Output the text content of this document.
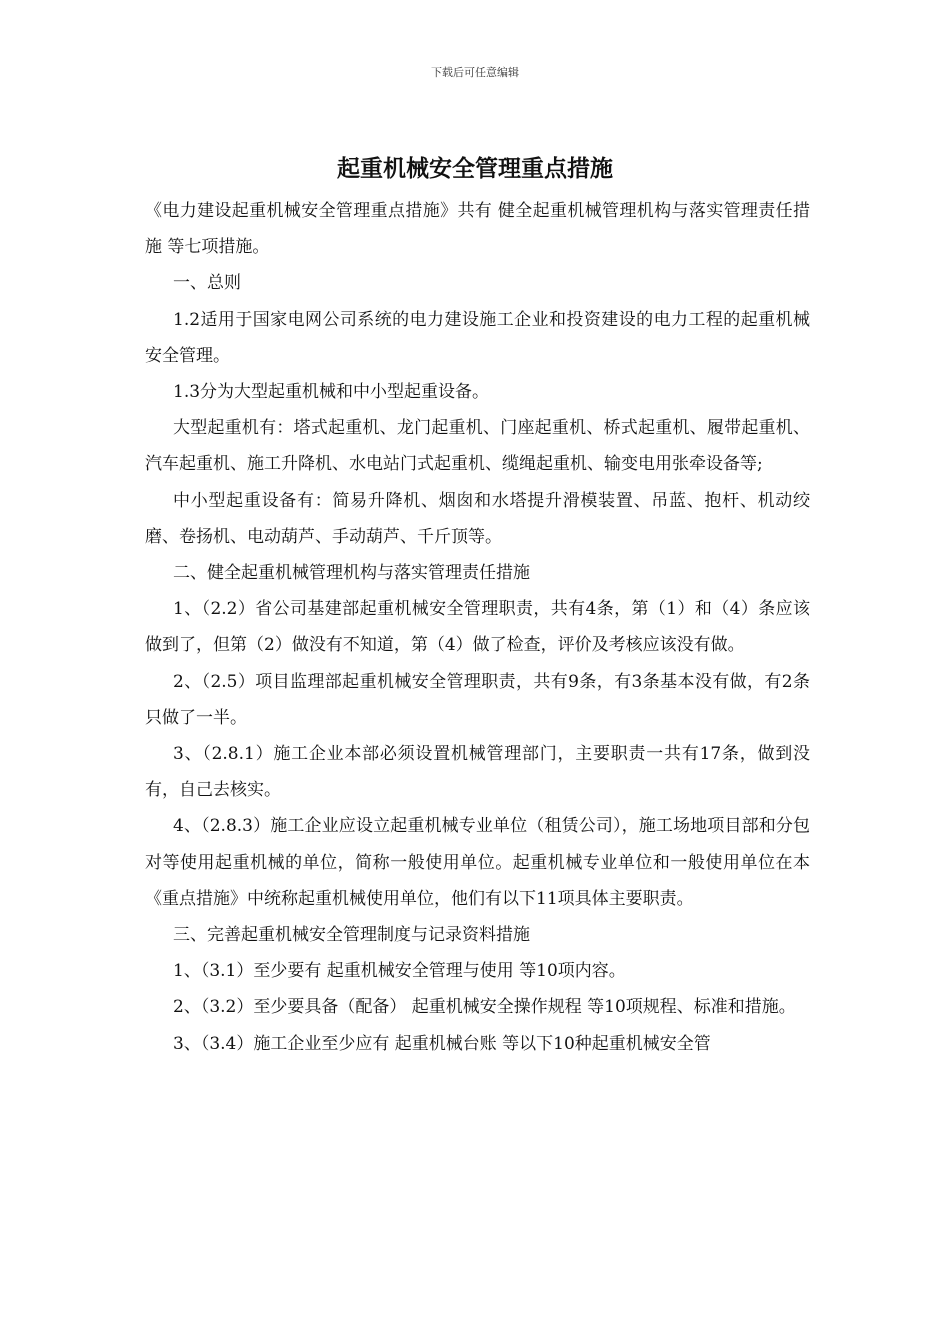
下载后可任意编辑
起重机械安全管理重点措施

《电力建设起重机械安全管理重点措施》共有 健全起重机械管理机构与落实管理责任措施 等七项措施。

一、总则

1.2适用于国家电网公司系统的电力建设施工企业和投资建设的电力工程的起重机械安全管理。

1.3分为大型起重机械和中小型起重设备。

大型起重机有：塔式起重机、龙门起重机、门座起重机、桥式起重机、履带起重机、汽车起重机、施工升降机、水电站门式起重机、缆绳起重机、输变电用张牵设备等;

中小型起重设备有：简易升降机、烟囱和水塔提升滑模装置、吊蓝、抱杆、机动绞磨、卷扬机、电动葫芦、手动葫芦、千斤顶等。

二、健全起重机械管理机构与落实管理责任措施

1、（2.2）省公司基建部起重机械安全管理职责，共有4条，第（1）和（4）条应该做到了，但第（2）做没有不知道，第（4）做了检查，评价及考核应该没有做。

2、（2.5）项目监理部起重机械安全管理职责，共有9条，有3条基本没有做，有2条只做了一半。

3、（2.8.1）施工企业本部必须设置机械管理部门，主要职责一共有17条，做到没有，自己去核实。

4、（2.8.3）施工企业应设立起重机械专业单位（租赁公司），施工场地项目部和分包对等使用起重机械的单位，简称一般使用单位。起重机械专业单位和一般使用单位在本《重点措施》中统称起重机械使用单位，他们有以下11项具体主要职责。

三、完善起重机械安全管理制度与记录资料措施

1、（3.1）至少要有 起重机械安全管理与使用 等10项内容。

2、（3.2）至少要具备（配备） 起重机械安全操作规程 等10项规程、标准和措施。

3、（3.4）施工企业至少应有 起重机械台账 等以下10种起重机械安全管
